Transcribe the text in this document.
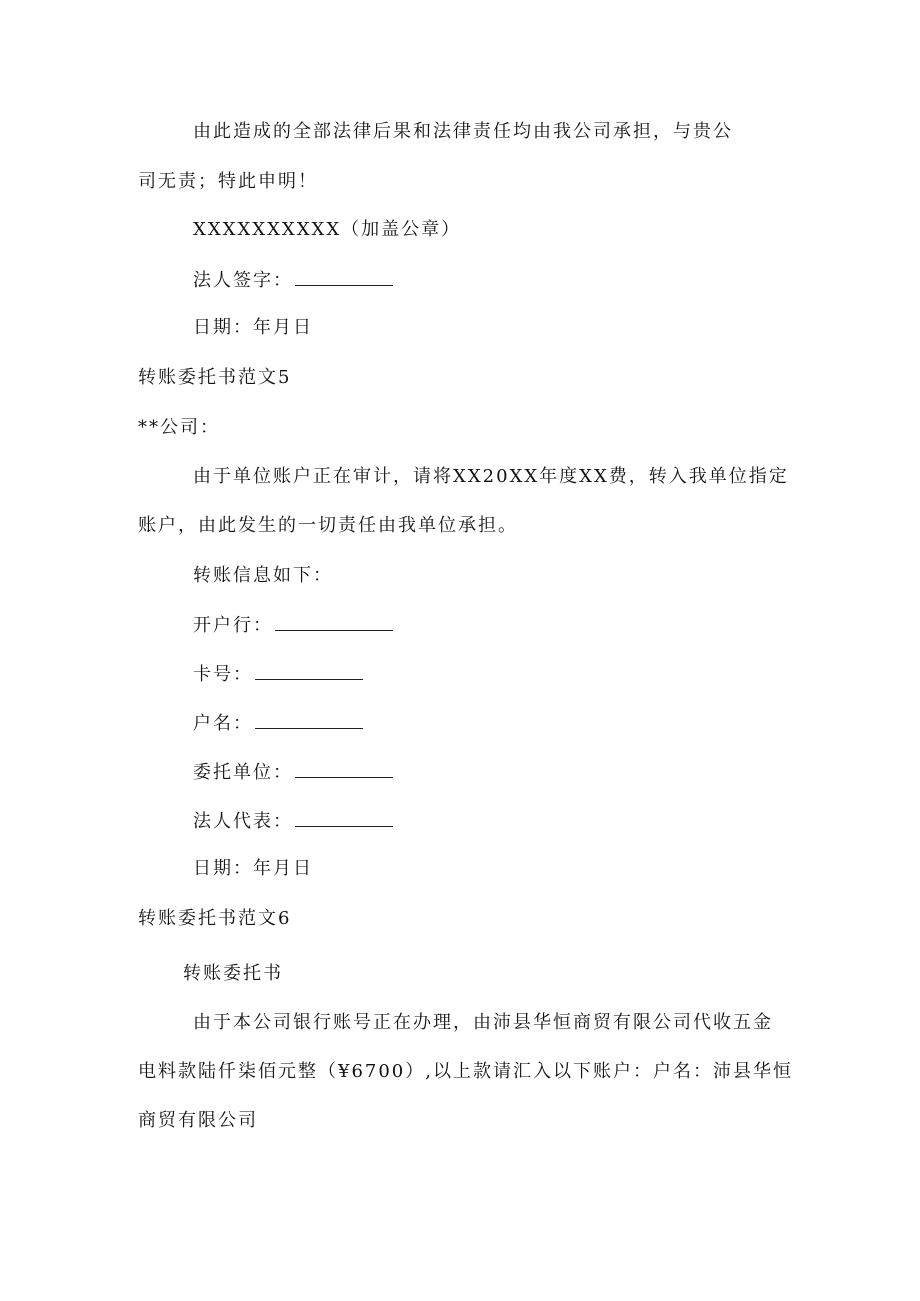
由此造成的全部法律后果和法律责任均由我公司承担，与贵公
司无责；特此申明！
XXXXXXXXXX（加盖公章）
法人签字：
日期：年月日
转账委托书范文5
**公司：
由于单位账户正在审计，请将XX20XX年度XX费，转入我单位指定
账户，由此发生的一切责任由我单位承担。
转账信息如下：
开户行：
卡号：
户名：
委托单位：
法人代表：
日期：年月日
转账委托书范文6
转账委托书
由于本公司银行账号正在办理，由沛县华恒商贸有限公司代收五金
电料款陆仟柒佰元整（¥6700）,以上款请汇入以下账户：户名：沛县华恒
商贸有限公司
